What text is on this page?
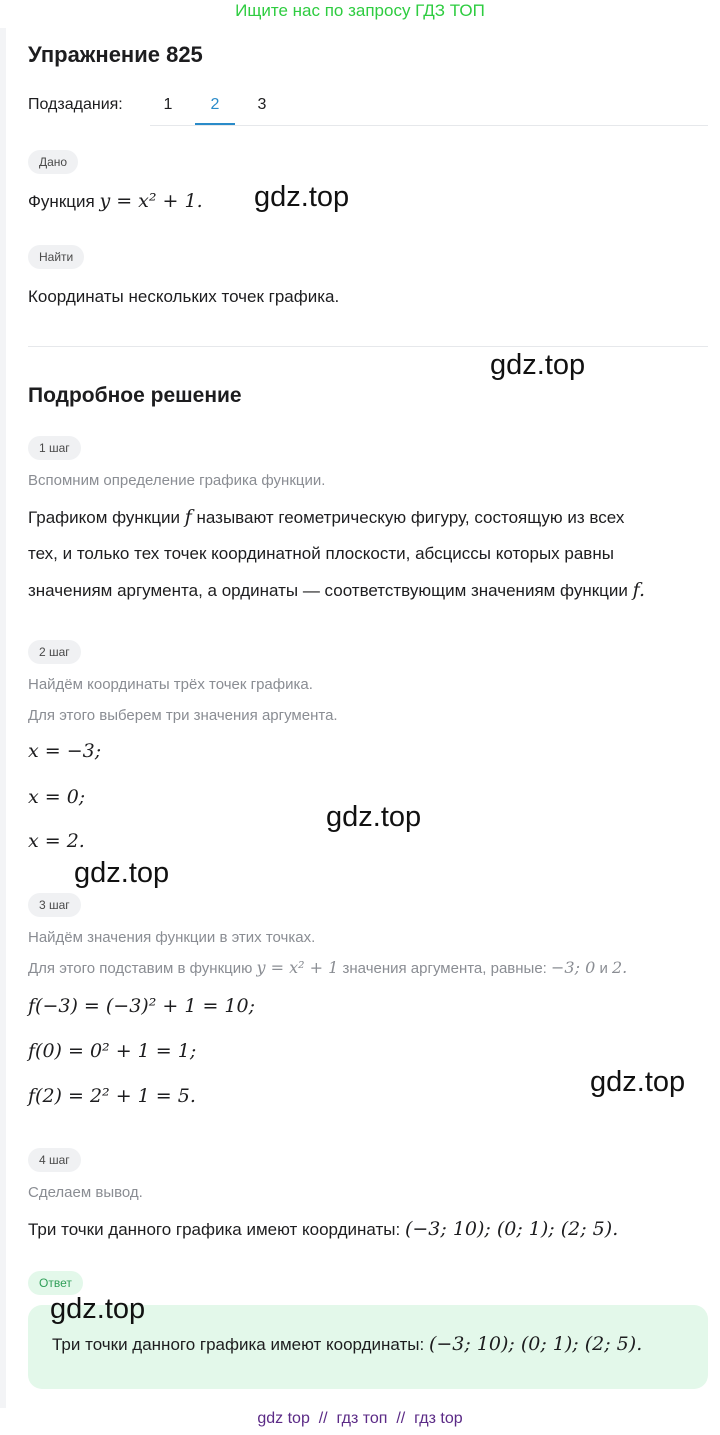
Ищите нас по запросу ГДЗ ТОП
Упражнение 825
Подзадания:	1	2	3
Дано
Функция y = x² + 1.
Найти
Координаты нескольких точек графика.
Подробное решение
1 шаг
Вспомним определение графика функции.
Графиком функции f называют геометрическую фигуру, состоящую из всех
тех, и только тех точек координатной плоскости, абсциссы которых равны
значениям аргумента, а ординаты — соответствующим значениям функции f.
2 шаг
Найдём координаты трёх точек графика.
Для этого выберем три значения аргумента.
x = −3;
x = 0;
x = 2.
3 шаг
Найдём значения функции в этих точках.
Для этого подставим в функцию y = x² + 1 значения аргумента, равные: −3; 0 и 2.
f(−3) = (−3)² + 1 = 10;
f(0) = 0² + 1 = 1;
f(2) = 2² + 1 = 5.
4 шаг
Сделаем вывод.
Три точки данного графика имеют координаты: (−3; 10); (0; 1); (2; 5).
Ответ
Три точки данного графика имеют координаты: (−3; 10); (0; 1); (2; 5).
gdz.top
gdz.top
gdz.top
gdz.top
gdz.top
gdz.top
gdz top // гдз топ // гдз top
